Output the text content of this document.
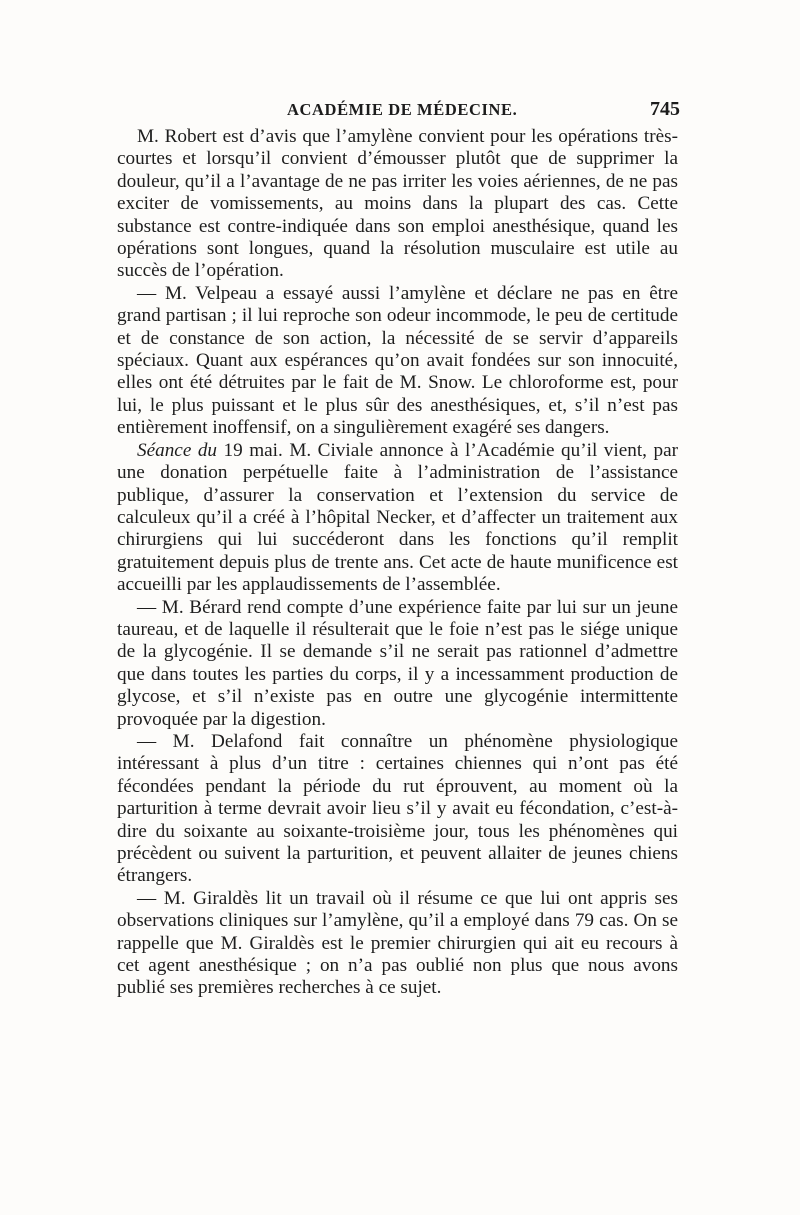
ACADÉMIE DE MÉDECINE.	745

M. Robert est d’avis que l’amylène convient pour les opérations très-courtes et lorsqu’il convient d’émousser plutôt que de supprimer la douleur, qu’il a l’avantage de ne pas irriter les voies aériennes, de ne pas exciter de vomissements, au moins dans la plupart des cas. Cette substance est contre-indiquée dans son emploi anesthésique, quand les opérations sont longues, quand la résolution musculaire est utile au succès de l’opération.

— M. Velpeau a essayé aussi l’amylène et déclare ne pas en être grand partisan ; il lui reproche son odeur incommode, le peu de certitude et de constance de son action, la nécessité de se servir d’appareils spéciaux. Quant aux espérances qu’on avait fondées sur son innocuité, elles ont été détruites par le fait de M. Snow. Le chloroforme est, pour lui, le plus puissant et le plus sûr des anesthésiques, et, s’il n’est pas entièrement inoffensif, on a singulièrement exagéré ses dangers.

Séance du 19 mai. M. Civiale annonce à l’Académie qu’il vient, par une donation perpétuelle faite à l’administration de l’assistance publique, d’assurer la conservation et l’extension du service de calculeux qu’il a créé à l’hôpital Necker, et d’affecter un traitement aux chirurgiens qui lui succéderont dans les fonctions qu’il remplit gratuitement depuis plus de trente ans. Cet acte de haute munificence est accueilli par les applaudissements de l’assemblée.

— M. Bérard rend compte d’une expérience faite par lui sur un jeune taureau, et de laquelle il résulterait que le foie n’est pas le siége unique de la glycogénie. Il se demande s’il ne serait pas rationnel d’admettre que dans toutes les parties du corps, il y a incessamment production de glycose, et s’il n’existe pas en outre une glycogénie intermittente provoquée par la digestion.

— M. Delafond fait connaître un phénomène physiologique intéressant à plus d’un titre : certaines chiennes qui n’ont pas été fécondées pendant la période du rut éprouvent, au moment où la parturition à terme devrait avoir lieu s’il y avait eu fécondation, c’est-à-dire du soixante au soixante-troisième jour, tous les phénomènes qui précèdent ou suivent la parturition, et peuvent allaiter de jeunes chiens étrangers.

— M. Giraldès lit un travail où il résume ce que lui ont appris ses observations cliniques sur l’amylène, qu’il a employé dans 79 cas. On se rappelle que M. Giraldès est le premier chirurgien qui ait eu recours à cet agent anesthésique ; on n’a pas oublié non plus que nous avons publié ses premières recherches à ce sujet.
